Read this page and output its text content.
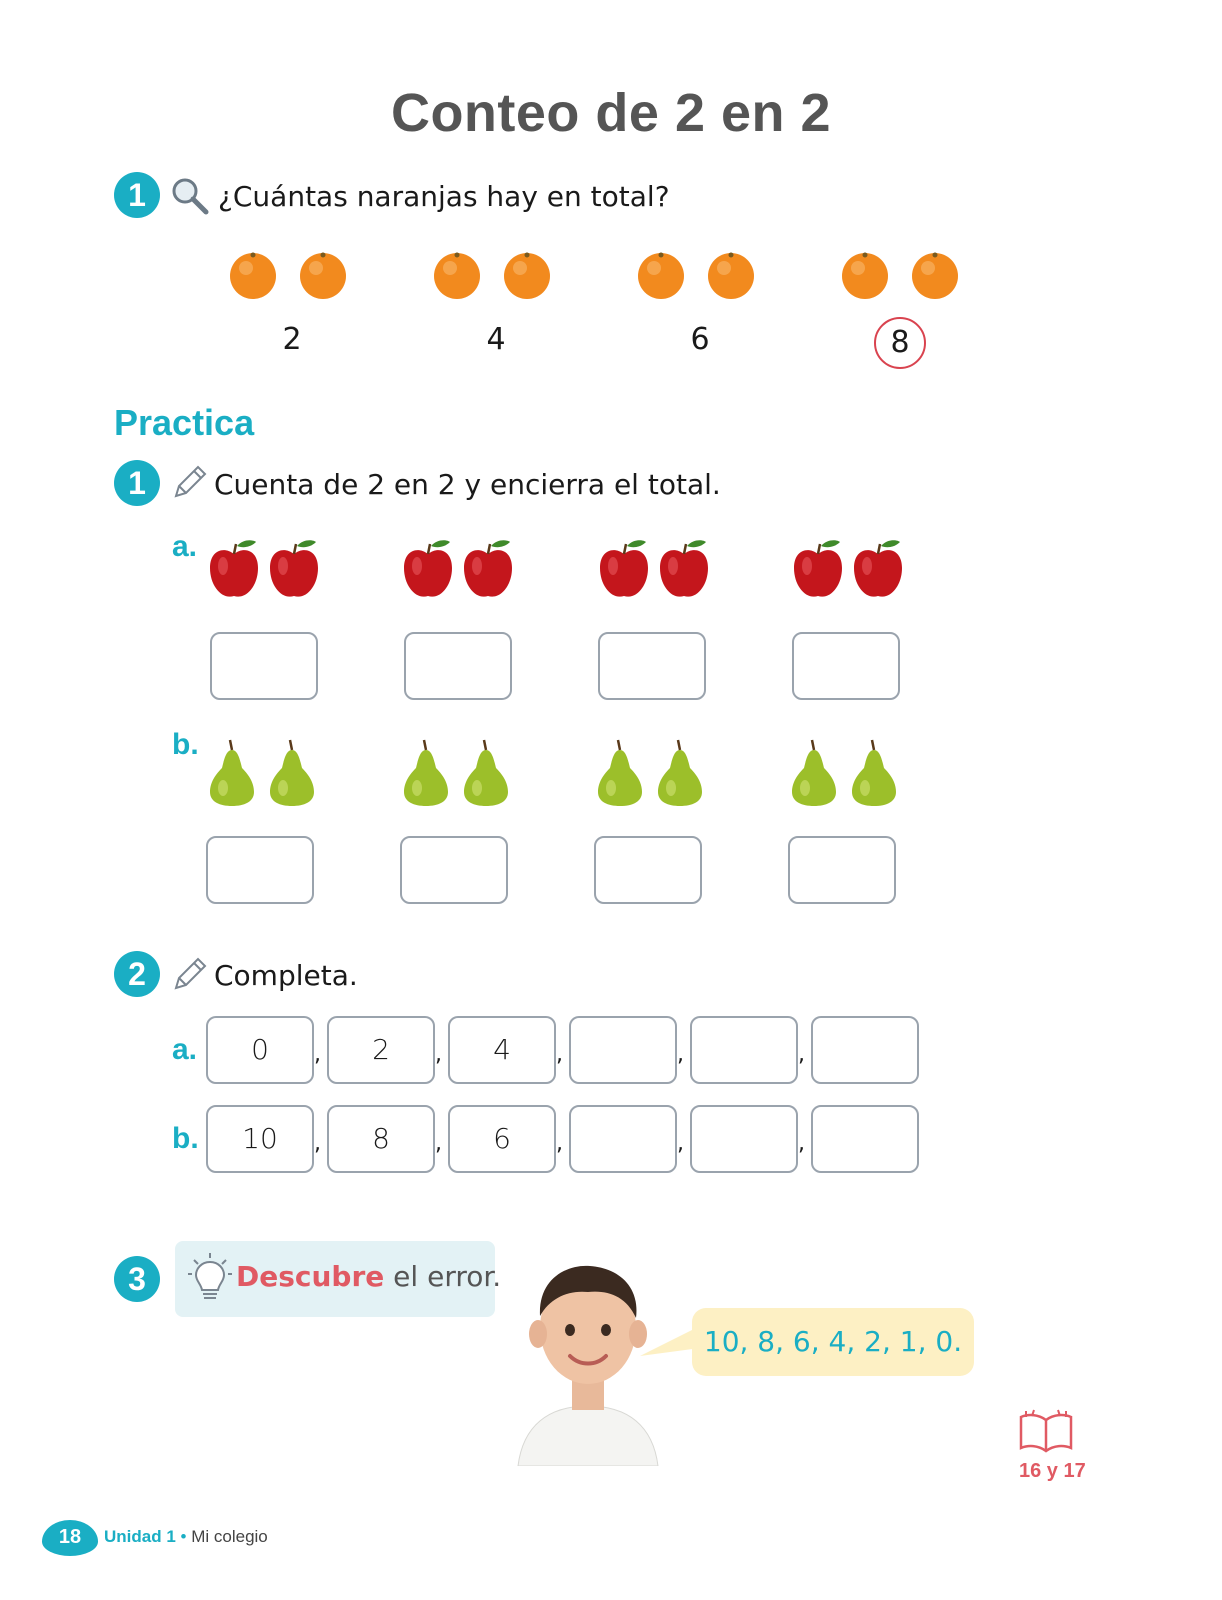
Conteo de 2 en 2
1	¿Cuántas naranjas hay en total?
2	4	6	8
Practica
1	Cuenta de 2 en 2 y encierra el total.
a.
b.
2	Completa.
a.	0	,	2	,	4	,	,	,
b.	10	,	8	,	6	,	,	,
3	Descubre el error.
10, 8, 6, 4, 2, 1, 0.
16 y 17
18	Unidad 1 • Mi colegio
